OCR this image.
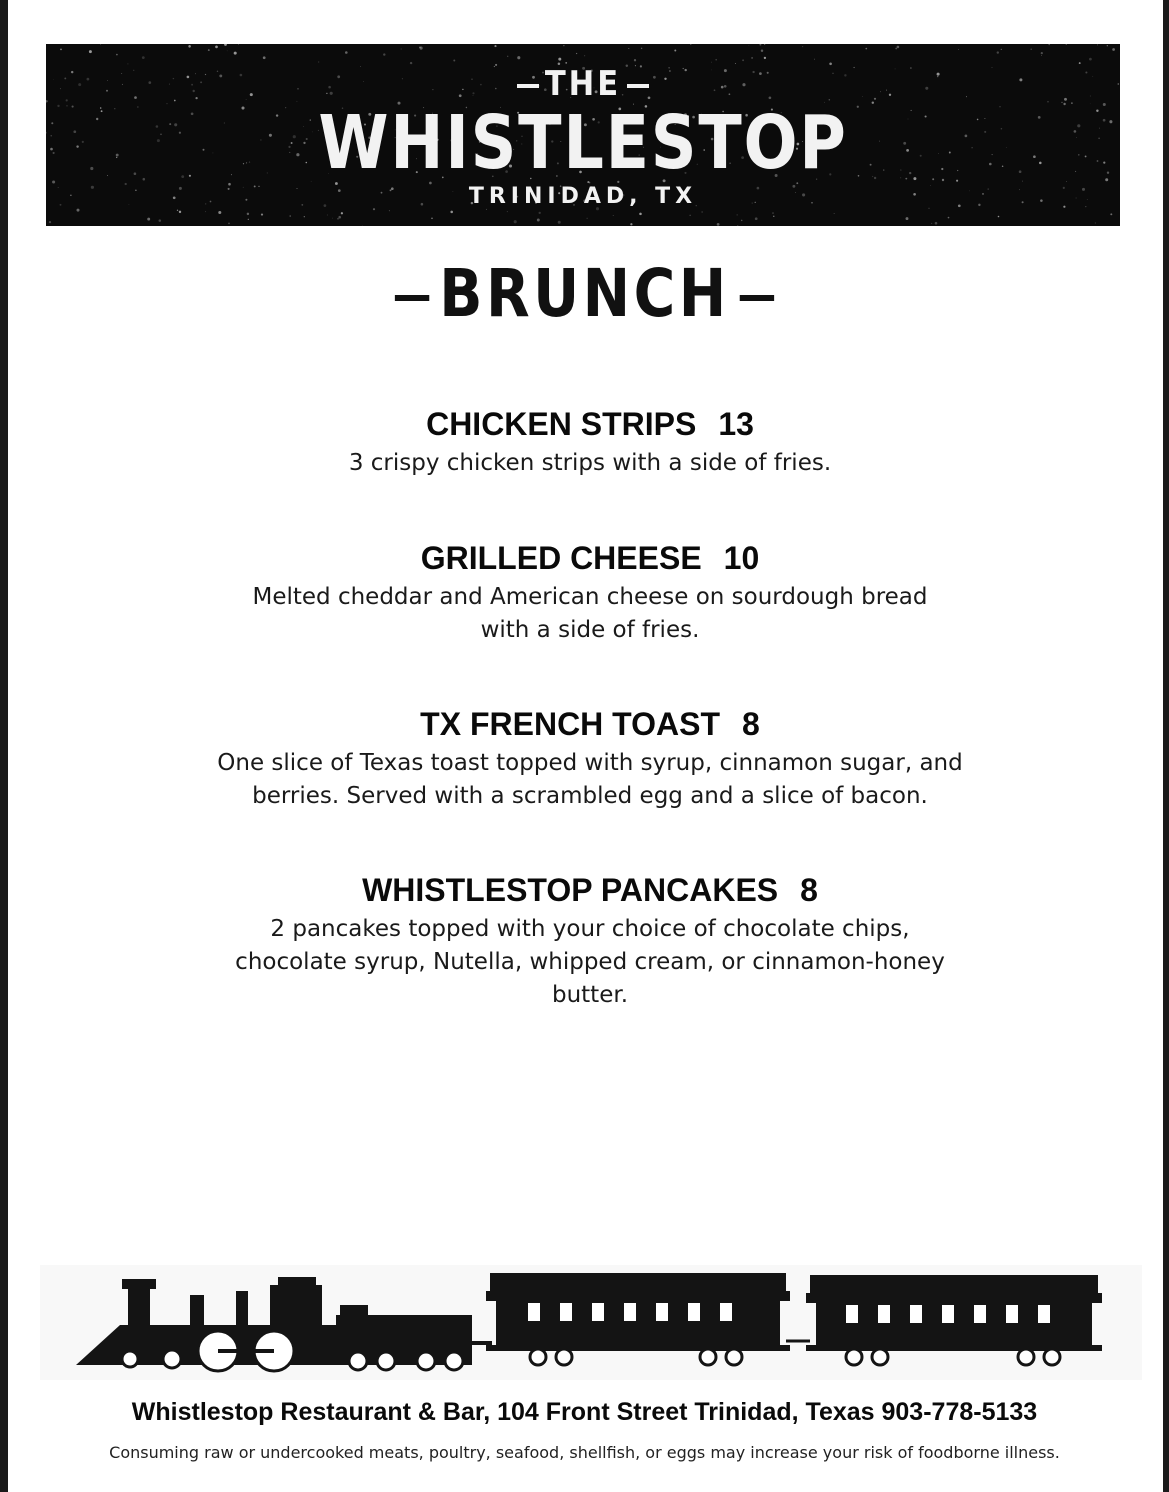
THE
WHISTLESTOP
TRINIDAD, TX
BRUNCH
CHICKEN STRIPS 13
3 crispy chicken strips with a side of fries.
GRILLED CHEESE 10
Melted cheddar and American cheese on sourdough bread
with a side of fries.
TX FRENCH TOAST 8
One slice of Texas toast topped with syrup, cinnamon sugar, and
berries. Served with a scrambled egg and a slice of bacon.
WHISTLESTOP PANCAKES 8
2 pancakes topped with your choice of chocolate chips,
chocolate syrup, Nutella, whipped cream, or cinnamon-honey
butter.
Whistlestop Restaurant & Bar, 104 Front Street Trinidad, Texas 903-778-5133
Consuming raw or undercooked meats, poultry, seafood, shellfish, or eggs may increase your risk of foodborne illness.
